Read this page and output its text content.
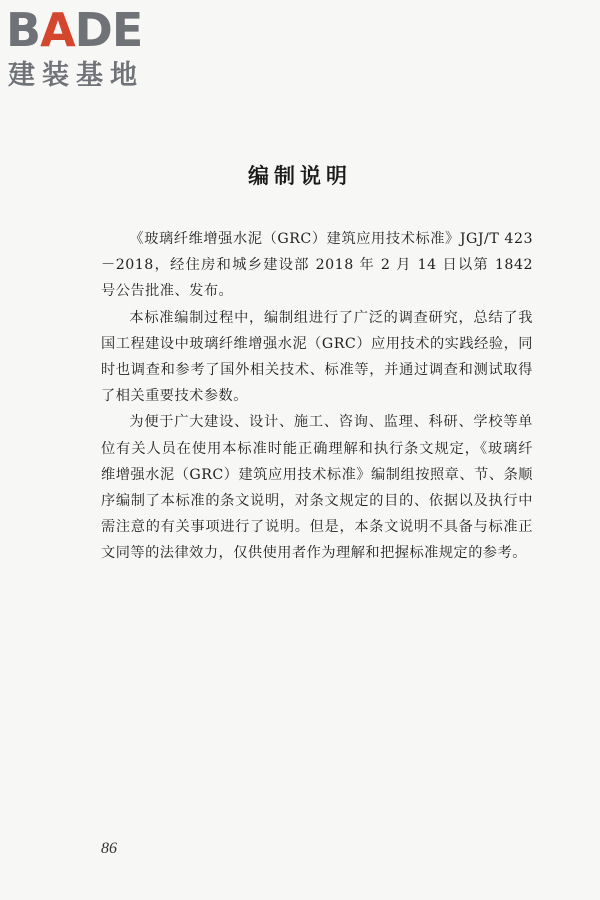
BADE
建装基地
编制说明

《玻璃纤维增强水泥（GRC）建筑应用技术标准》JGJ/T 423－2018，经住房和城乡建设部 2018 年 2 月 14 日以第 1842 号公告批准、发布。

本标准编制过程中，编制组进行了广泛的调查研究，总结了我国工程建设中玻璃纤维增强水泥（GRC）应用技术的实践经验，同时也调查和参考了国外相关技术、标准等，并通过调查和测试取得了相关重要技术参数。

为便于广大建设、设计、施工、咨询、监理、科研、学校等单位有关人员在使用本标准时能正确理解和执行条文规定，《玻璃纤维增强水泥（GRC）建筑应用技术标准》编制组按照章、节、条顺序编制了本标准的条文说明，对条文规定的目的、依据以及执行中需注意的有关事项进行了说明。但是，本条文说明不具备与标准正文同等的法律效力，仅供使用者作为理解和把握标准规定的参考。

86
